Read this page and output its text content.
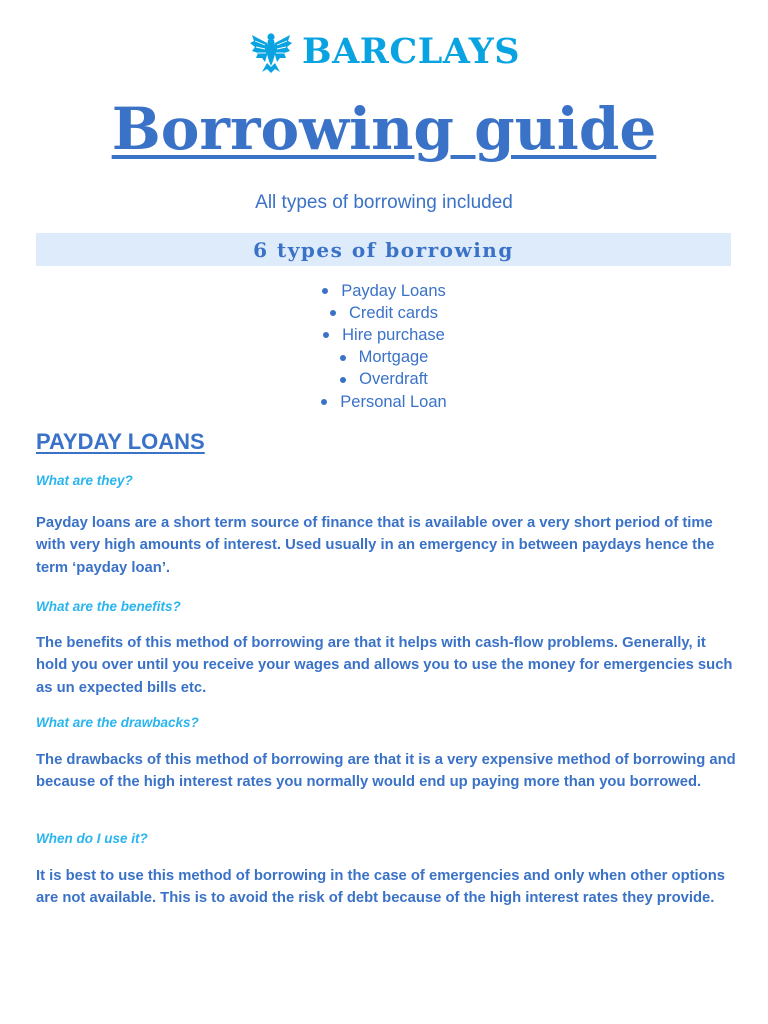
BARCLAYS
Borrowing guide

All types of borrowing included

6 types of borrowing
Payday Loans
Credit cards
Hire purchase
Mortgage
Overdraft
Personal Loan
PAYDAY LOANS

What are they?

Payday loans are a short term source of finance that is available over a very short period of time with very high amounts of interest. Used usually in an emergency in between paydays hence the term ‘payday loan’.

What are the benefits?

The benefits of this method of borrowing are that it helps with cash-flow problems. Generally, it hold you over until you receive your wages and allows you to use the money for emergencies such as un expected bills etc.

What are the drawbacks?

The drawbacks of this method of borrowing are that it is a very expensive method of borrowing and because of the high interest rates you normally would end up paying more than you borrowed.

When do I use it?

It is best to use this method of borrowing in the case of emergencies and only when other options are not available. This is to avoid the risk of debt because of the high interest rates they provide.
